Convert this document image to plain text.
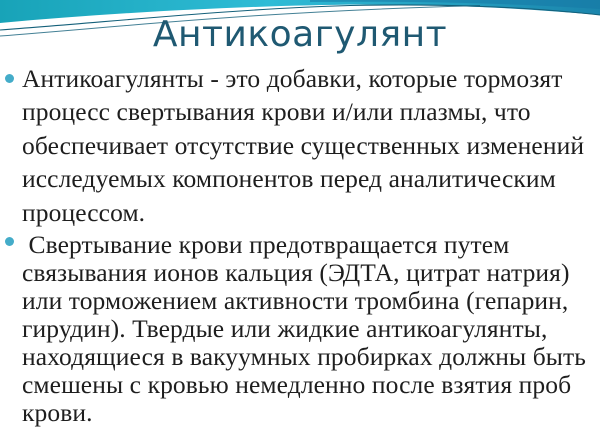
Антикоагулянт
Антикоагулянты - это добавки, которые тормозят
процесс свертывания крови и/или плазмы, что
обеспечивает отсутствие существенных изменений
исследуемых компонентов перед аналитическим
процессом.
Свертывание крови предотвращается путем
связывания ионов кальция (ЭДТА, цитрат натрия)
или торможением активности тромбина (гепарин,
гирудин). Твердые или жидкие антикоагулянты,
находящиеся в вакуумных пробирках должны быть
смешены с кровью немедленно после взятия проб
крови.
